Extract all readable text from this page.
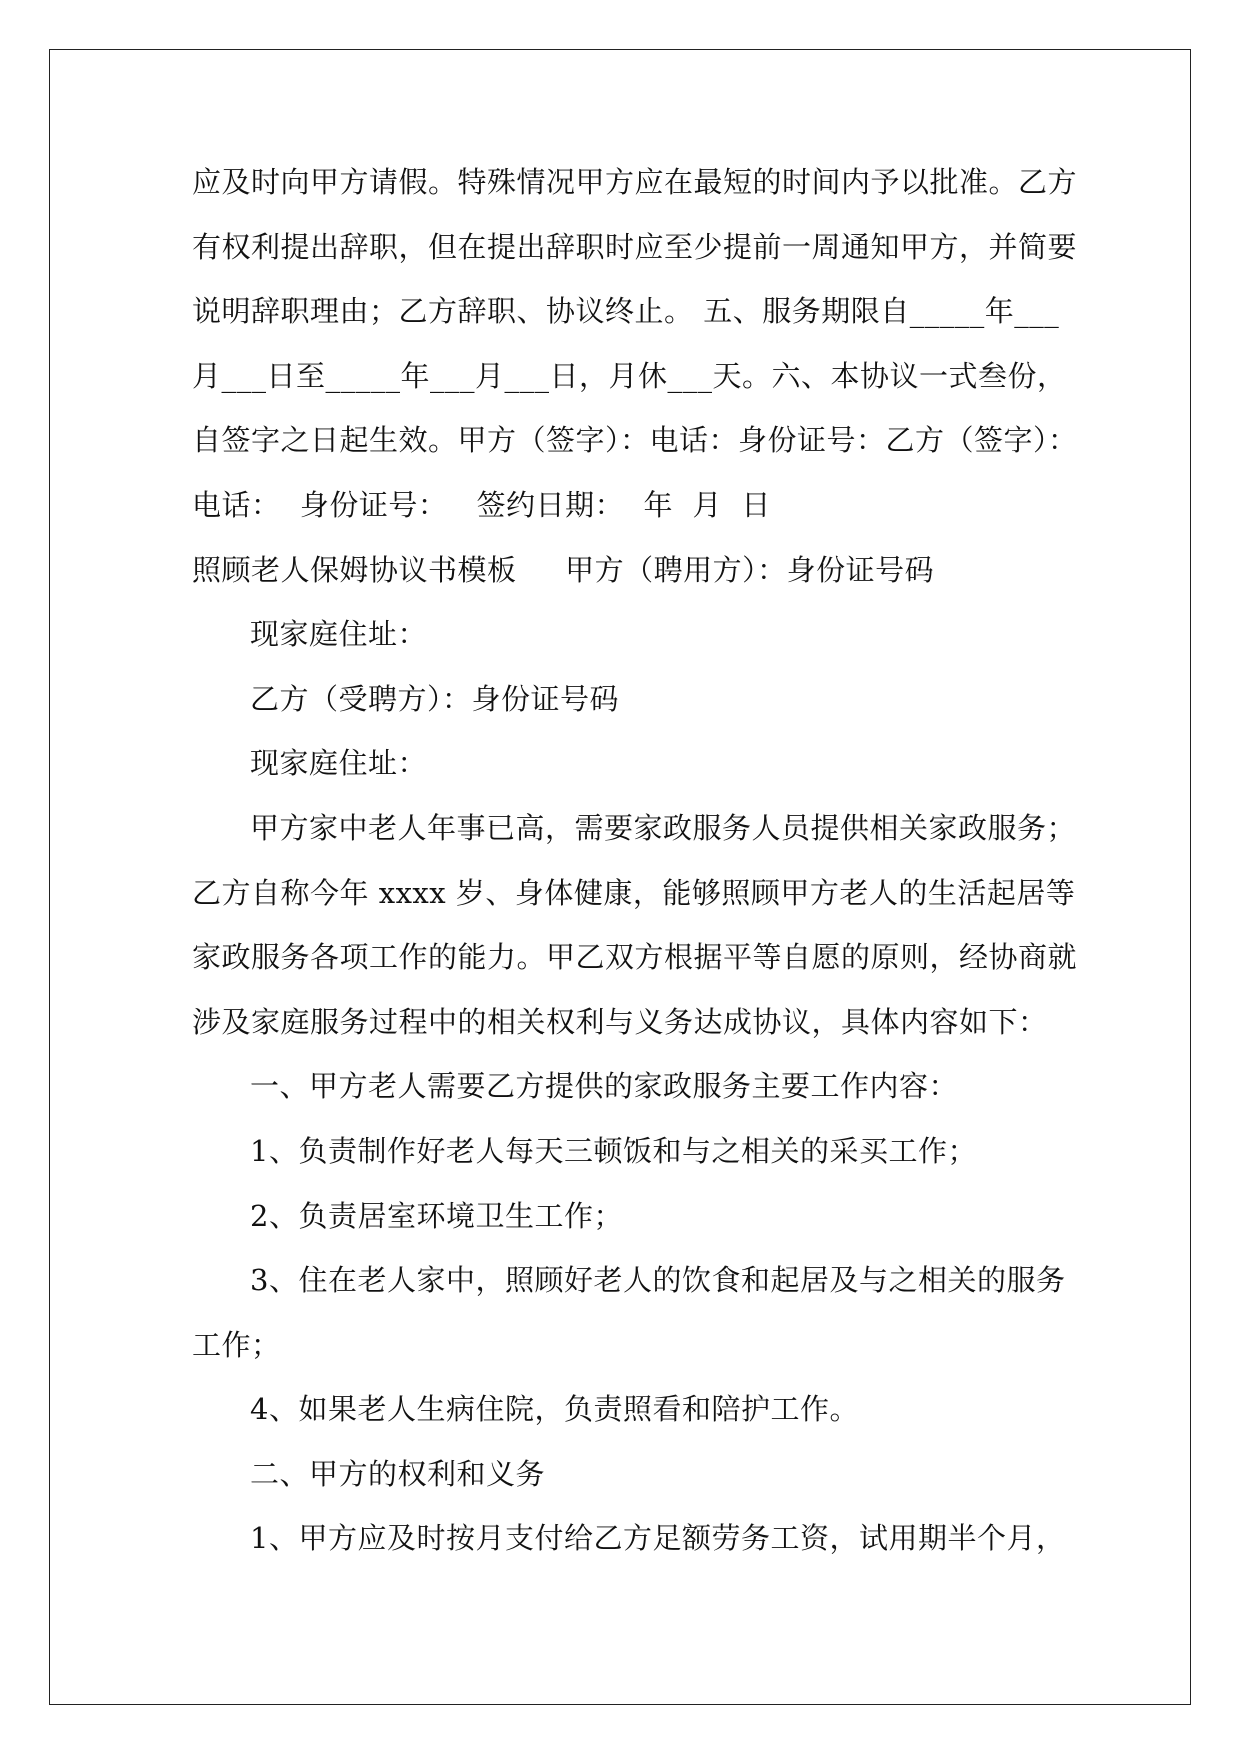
应及时向甲方请假。特殊情况甲方应在最短的时间内予以批准。乙方
有权利提出辞职，但在提出辞职时应至少提前一周通知甲方，并简要
说明辞职理由；乙方辞职、协议终止。 五、服务期限自_____年___
月___日至_____年___月___日，月休___天。六、本协议一式叁份，
自签字之日起生效。甲方（签字）：电话：身份证号：乙方（签字）：
电话：  身份证号：   签约日期：  年  月  日
照顾老人保姆协议书模板     甲方（聘用方）：身份证号码
现家庭住址：
乙方（受聘方）：身份证号码
现家庭住址：
甲方家中老人年事已高，需要家政服务人员提供相关家政服务；
乙方自称今年 xxxx 岁、身体健康，能够照顾甲方老人的生活起居等
家政服务各项工作的能力。甲乙双方根据平等自愿的原则，经协商就
涉及家庭服务过程中的相关权利与义务达成协议，具体内容如下：
一、甲方老人需要乙方提供的家政服务主要工作内容：
1、负责制作好老人每天三顿饭和与之相关的采买工作；
2、负责居室环境卫生工作；
3、住在老人家中，照顾好老人的饮食和起居及与之相关的服务
工作；
4、如果老人生病住院，负责照看和陪护工作。
二、甲方的权利和义务
1、甲方应及时按月支付给乙方足额劳务工资，试用期半个月，
